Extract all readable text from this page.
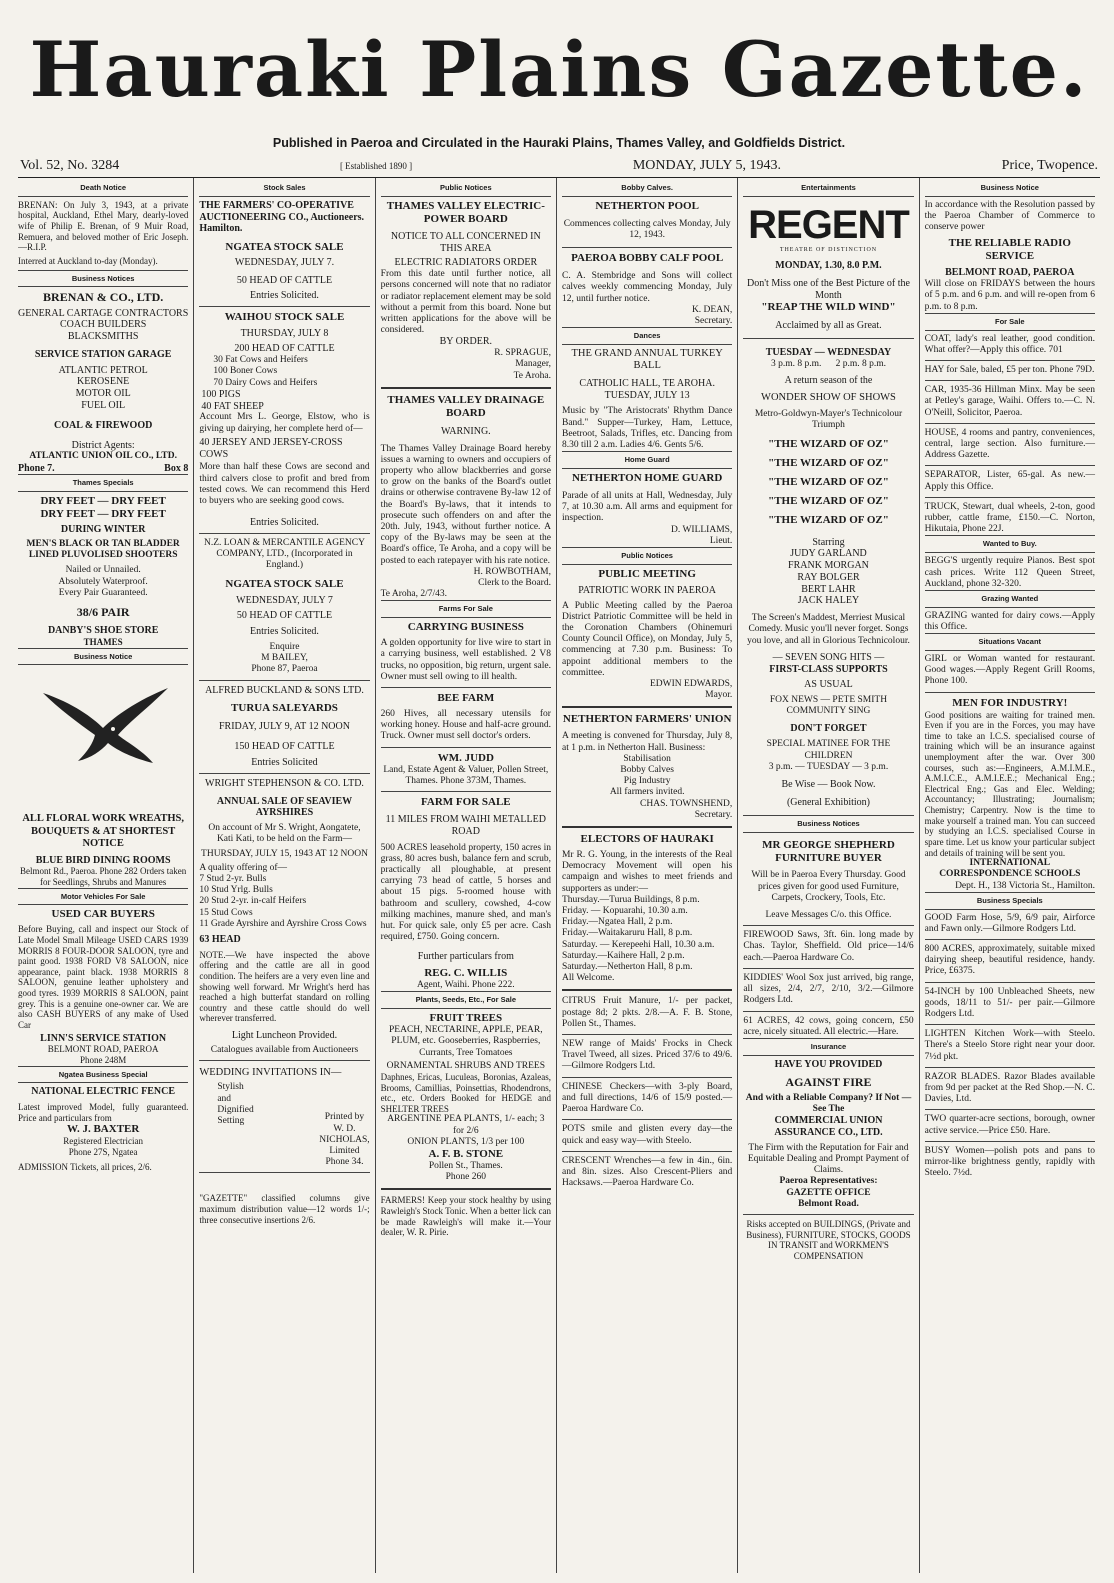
Hauraki Plains Gazette.
Published in Paeroa and Circulated in the Hauraki Plains, Thames Valley, and Goldfields District.
Vol. 52, No. 3284	[ Established 1890 ]	MONDAY, JULY 5, 1943.	Price, Twopence.
Death Notice
BRENAN: On July 3, 1943, at a private hospital, Auckland, Ethel Mary, dearly-loved wife of Philip E. Brenan, of 9 Muir Road, Remuera, and beloved mother of Eric Joseph.—R.I.P.
Interred at Auckland to-day (Monday).
Business Notices
BRENAN & CO., LTD.
GENERAL CARTAGE CONTRACTORS
COACH BUILDERS
BLACKSMITHS
SERVICE STATION GARAGE
ATLANTIC PETROL
KEROSENE
MOTOR OIL
FUEL OIL
COAL & FIREWOOD
District Agents:
ATLANTIC UNION OIL CO., LTD.
Phone 7.	Box 8
Thames Specials
DRY FEET — DRY FEET
DRY FEET — DRY FEET
DURING WINTER
MEN'S BLACK OR TAN BLADDER LINED PLUVOLISED SHOOTERS
Nailed or Unnailed.
Absolutely Waterproof.
Every Pair Guaranteed.
38/6 PAIR
DANBY'S SHOE STORE
THAMES
Business Notice
ALL FLORAL WORK WREATHS, BOUQUETS & AT SHORTEST NOTICE
BLUE BIRD DINING ROOMS
Belmont Rd., Paeroa. Phone 282 Orders taken for Seedlings, Shrubs and Manures
Motor Vehicles For Sale
USED CAR BUYERS
Before Buying, call and inspect our Stock of Late Model Small Mileage USED CARS 1939 MORRIS 8 FOUR-DOOR SALOON, tyre and paint good. 1938 FORD V8 SALOON, nice appearance, paint black. 1938 MORRIS 8 SALOON, genuine leather upholstery and good tyres. 1939 MORRIS 8 SALOON, paint grey. This is a genuine one-owner car. We are also CASH BUYERS of any make of Used Car
LINN'S SERVICE STATION
BELMONT ROAD, PAEROA
Phone 248M
Ngatea Business Special
NATIONAL ELECTRIC FENCE
Latest improved Model, fully guaranteed. Price and particulars from
W. J. BAXTER
Registered Electrician
Phone 27S, Ngatea
ADMISSION Tickets, all prices, 2/6.
Stock Sales
THE FARMERS' CO-OPERATIVE AUCTIONEERING CO., Auctioneers. Hamilton.
NGATEA STOCK SALE
WEDNESDAY, JULY 7.
50 HEAD OF CATTLE
Entries Solicited.
WAIHOU STOCK SALE
THURSDAY, JULY 8
200 HEAD OF CATTLE
30 Fat Cows and Heifers
100 Boner Cows
70 Dairy Cows and Heifers
100 PIGS
40 FAT SHEEP
Account Mrs L. George, Elstow, who is giving up dairying, her complete herd of—
40 JERSEY AND JERSEY-CROSS COWS
More than half these Cows are second and third calvers close to profit and bred from tested cows. We can recommend this Herd to buyers who are seeking good cows.
Entries Solicited.
N.Z. LOAN & MERCANTILE AGENCY COMPANY, LTD., (Incorporated in England.)
NGATEA STOCK SALE
WEDNESDAY, JULY 7
50 HEAD OF CATTLE
Entries Solicited.
Enquire
M BAILEY,
Phone 87, Paeroa
ALFRED BUCKLAND & SONS LTD.
TURUA SALEYARDS
FRIDAY, JULY 9, AT 12 NOON
150 HEAD OF CATTLE
Entries Solicited
WRIGHT STEPHENSON & CO. LTD.
ANNUAL SALE OF SEAVIEW AYRSHIRES
On account of Mr S. Wright, Aongatete, Kati Kati, to be held on the Farm—
THURSDAY, JULY 15, 1943 AT 12 NOON
A quality offering of—
7 Stud 2-yr. Bulls
10 Stud Yrlg. Bulls
20 Stud 2-yr. in-calf Heifers
15 Stud Cows
11 Grade Ayrshire and Ayrshire Cross Cows
63 HEAD
NOTE.—We have inspected the above offering and the cattle are all in good condition. The heifers are a very even line and showing well forward. Mr Wright's herd has reached a high butterfat standard on rolling country and these cattle should do well wherever transferred.
Light Luncheon Provided.
Catalogues available from Auctioneers
WEDDING INVITATIONS IN—
Stylish
and
Dignified
Setting	Printed by
W. D.
NICHOLAS,
Limited
Phone 34.
"GAZETTE" classified columns give maximum distribution value—12 words 1/-; three consecutive insertions 2/6.
Public Notices
THAMES VALLEY ELECTRIC-POWER BOARD
NOTICE TO ALL CONCERNED IN THIS AREA
ELECTRIC RADIATORS ORDER
From this date until further notice, all persons concerned will note that no radiator or radiator replacement element may be sold without a permit from this board. None but written applications for the above will be considered.
BY ORDER.
R. SPRAGUE,
Manager,
Te Aroha.
THAMES VALLEY DRAINAGE BOARD
WARNING.
The Thames Valley Drainage Board hereby issues a warning to owners and occupiers of property who allow blackberries and gorse to grow on the banks of the Board's outlet drains or otherwise contravene By-law 12 of the Board's By-laws, that it intends to prosecute such offenders on and after the 20th. July, 1943, without further notice. A copy of the By-laws may be seen at the Board's office, Te Aroha, and a copy will be posted to each ratepayer with his rate notice.
H. ROWBOTHAM,
Clerk to the Board.
Te Aroha, 2/7/43.
Farms For Sale
CARRYING BUSINESS
A golden opportunity for live wire to start in a carrying business, well established. 2 V8 trucks, no opposition, big return, urgent sale. Owner must sell owing to ill health.
BEE FARM
260 Hives, all necessary utensils for working honey. House and half-acre ground. Truck. Owner must sell doctor's orders.
WM. JUDD
Land, Estate Agent & Valuer, Pollen Street, Thames. Phone 373M, Thames.
FARM FOR SALE
11 MILES FROM WAIHI METALLED ROAD
500 ACRES leasehold property, 150 acres in grass, 80 acres bush, balance fern and scrub, practically all ploughable, at present carrying 73 head of cattle, 5 horses and about 15 pigs. 5-roomed house with bathroom and scullery, cowshed, 4-cow milking machines, manure shed, and man's hut. For quick sale, only £5 per acre. Cash required, £750. Going concern.
Further particulars from
REG. C. WILLIS
Agent, Waihi. Phone 222.
Plants, Seeds, Etc., For Sale
FRUIT TREES
PEACH, NECTARINE, APPLE, PEAR, PLUM, etc. Gooseberries, Raspberries, Currants, Tree Tomatoes
ORNAMENTAL SHRUBS AND TREES
Daphnes, Ericas, Luculeas, Boronias, Azaleas, Brooms, Camillias, Poinsettias, Rhodendrons, etc., etc. Orders Booked for HEDGE and SHELTER TREES
ARGENTINE PEA PLANTS, 1/- each; 3 for 2/6
ONION PLANTS, 1/3 per 100
A. F. B. STONE
Pollen St., Thames.
Phone 260
FARMERS! Keep your stock healthy by using Rawleigh's Stock Tonic. When a better lick can be made Rawleigh's will make it.—Your dealer, W. R. Pirie.
Bobby Calves.
NETHERTON POOL
Commences collecting calves Monday, July 12, 1943.
PAEROA BOBBY CALF POOL
C. A. Stembridge and Sons will collect calves weekly commencing Monday, July 12, until further notice.
K. DEAN,
Secretary.
Dances
THE GRAND ANNUAL TURKEY BALL
CATHOLIC HALL, TE AROHA. TUESDAY, JULY 13
Music by "The Aristocrats' Rhythm Dance Band." Supper—Turkey, Ham, Lettuce, Beetroot, Salads, Trifles, etc. Dancing from 8.30 till 2 a.m. Ladies 4/6. Gents 5/6.
Home Guard
NETHERTON HOME GUARD
Parade of all units at Hall, Wednesday, July 7, at 10.30 a.m. All arms and equipment for inspection.
D. WILLIAMS,
Lieut.
Public Notices
PUBLIC MEETING
PATRIOTIC WORK IN PAEROA
A Public Meeting called by the Paeroa District Patriotic Committee will be held in the Coronation Chambers (Ohinemuri County Council Office), on Monday, July 5, commencing at 7.30 p.m. Business: To appoint additional members to the committee.
EDWIN EDWARDS,
Mayor.
NETHERTON FARMERS' UNION
A meeting is convened for Thursday, July 8, at 1 p.m. in Netherton Hall. Business:
Stabilisation
Bobby Calves
Pig Industry
All farmers invited.
CHAS. TOWNSHEND,
Secretary.
ELECTORS OF HAURAKI
Mr R. G. Young, in the interests of the Real Democracy Movement will open his campaign and wishes to meet friends and supporters as under:—
Thursday.—Turua Buildings, 8 p.m.
Friday. — Kopuarahi, 10.30 a.m.
Friday.—Ngatea Hall, 2 p.m.
Friday.—Waitakaruru Hall, 8 p.m.
Saturday. — Kerepeehi Hall, 10.30 a.m.
Saturday.—Kaihere Hall, 2 p.m.
Saturday.—Netherton Hall, 8 p.m.
All Welcome.
CITRUS Fruit Manure, 1/- per packet, postage 8d; 2 pkts. 2/8.—A. F. B. Stone, Pollen St., Thames.
NEW range of Maids' Frocks in Check Travel Tweed, all sizes. Priced 37/6 to 49/6.—Gilmore Rodgers Ltd.
CHINESE Checkers—with 3-ply Board, and full directions, 14/6 of 15/9 posted.—Paeroa Hardware Co.
POTS smile and glisten every day—the quick and easy way—with Steelo.
CRESCENT Wrenches—a few in 4in., 6in. and 8in. sizes. Also Crescent-Pliers and Hacksaws.—Paeroa Hardware Co.
Entertainments
REGENT
THEATRE OF DISTINCTION
MONDAY, 1.30, 8.0 P.M.
Don't Miss one of the Best Picture of the Month
"REAP THE WILD WIND"
Acclaimed by all as Great.
TUESDAY — WEDNESDAY
3 p.m. 8 p.m.      2 p.m. 8 p.m.
A return season of the
WONDER SHOW OF SHOWS
Metro-Goldwyn-Mayer's Technicolour Triumph
"THE WIZARD OF OZ"
"THE WIZARD OF OZ"
"THE WIZARD OF OZ"
"THE WIZARD OF OZ"
"THE WIZARD OF OZ"
Starring
JUDY GARLAND
FRANK MORGAN
RAY BOLGER
BERT LAHR
JACK HALEY
The Screen's Maddest, Merriest Musical Comedy. Music you'll never forget. Songs you love, and all in Glorious Technicolour.
— SEVEN SONG HITS —
FIRST-CLASS SUPPORTS
AS USUAL
FOX NEWS — PETE SMITH COMMUNITY SING
DON'T FORGET
SPECIAL MATINEE FOR THE CHILDREN
3 p.m. — TUESDAY — 3 p.m.
Be Wise — Book Now.
(General Exhibition)
Business Notices
MR GEORGE SHEPHERD FURNITURE BUYER
Will be in Paeroa Every Thursday. Good prices given for good used Furniture, Carpets, Crockery, Tools, Etc.
Leave Messages C/o. this Office.
FIREWOOD Saws, 3ft. 6in. long made by Chas. Taylor, Sheffield. Old price—14/6 each.—Paeroa Hardware Co.
KIDDIES' Wool Sox just arrived, big range, all sizes, 2/4, 2/7, 2/10, 3/2.—Gilmore Rodgers Ltd.
61 ACRES, 42 cows, going concern, £50 acre, nicely situated. All electric.—Hare.
Insurance
HAVE YOU PROVIDED
AGAINST FIRE
And with a Reliable Company? If Not — See The
COMMERCIAL UNION ASSURANCE CO., LTD.
The Firm with the Reputation for Fair and Equitable Dealing and Prompt Payment of Claims.
Paeroa Representatives:
GAZETTE OFFICE
Belmont Road.
Risks accepted on BUILDINGS, (Private and Business), FURNITURE, STOCKS, GOODS IN TRANSIT and WORKMEN'S COMPENSATION
Business Notice
In accordance with the Resolution passed by the Paeroa Chamber of Commerce to conserve power
THE RELIABLE RADIO SERVICE
BELMONT ROAD, PAEROA
Will close on FRIDAYS between the hours of 5 p.m. and 6 p.m. and will re-open from 6 p.m. to 8 p.m.
For Sale
COAT, lady's real leather, good condition. What offer?—Apply this office. 701
HAY for Sale, baled, £5 per ton. Phone 79D.
CAR, 1935-36 Hillman Minx. May be seen at Petley's garage, Waihi. Offers to.—C. N. O'Neill, Solicitor, Paeroa.
HOUSE, 4 rooms and pantry, conveniences, central, large section. Also furniture.—Address Gazette.
SEPARATOR, Lister, 65-gal. As new.—Apply this Office.
TRUCK, Stewart, dual wheels, 2-ton, good rubber, cattle frame, £150.—C. Norton, Hikutaia, Phone 22J.
Wanted to Buy.
BEGG'S urgently require Pianos. Best spot cash prices. Write 112 Queen Street, Auckland, phone 32-320.
Grazing Wanted
GRAZING wanted for dairy cows.—Apply this Office.
Situations Vacant
GIRL or Woman wanted for restaurant. Good wages.—Apply Regent Grill Rooms, Phone 100.
MEN FOR INDUSTRY!
Good positions are waiting for trained men. Even if you are in the Forces, you may have time to take an I.C.S. specialised course of training which will be an insurance against unemployment after the war. Over 300 courses, such as:—Engineers, A.M.I.M.E., A.M.I.C.E., A.M.I.E.E.; Mechanical Eng.; Electrical Eng.; Gas and Elec. Welding; Accountancy; Illustrating; Journalism; Chemistry; Carpentry. Now is the time to make yourself a trained man. You can succeed by studying an I.C.S. specialised Course in spare time. Let us know your particular subject and details of training will be sent you.
INTERNATIONAL CORRESPONDENCE SCHOOLS
Dept. H., 138 Victoria St., Hamilton.
Business Specials
GOOD Farm Hose, 5/9, 6/9 pair, Airforce and Fawn only.—Gilmore Rodgers Ltd.
800 ACRES, approximately, suitable mixed dairying sheep, beautiful residence, handy. Price, £6375.
54-INCH by 100 Unbleached Sheets, new goods, 18/11 to 51/- per pair.—Gilmore Rodgers Ltd.
LIGHTEN Kitchen Work—with Steelo. There's a Steelo Store right near your door. 7½d pkt.
RAZOR BLADES. Razor Blades available from 9d per packet at the Red Shop.—N. C. Davies, Ltd.
TWO quarter-acre sections, borough, owner active service.—Price £50. Hare.
BUSY Women—polish pots and pans to mirror-like brightness gently, rapidly with Steelo. 7½d.
